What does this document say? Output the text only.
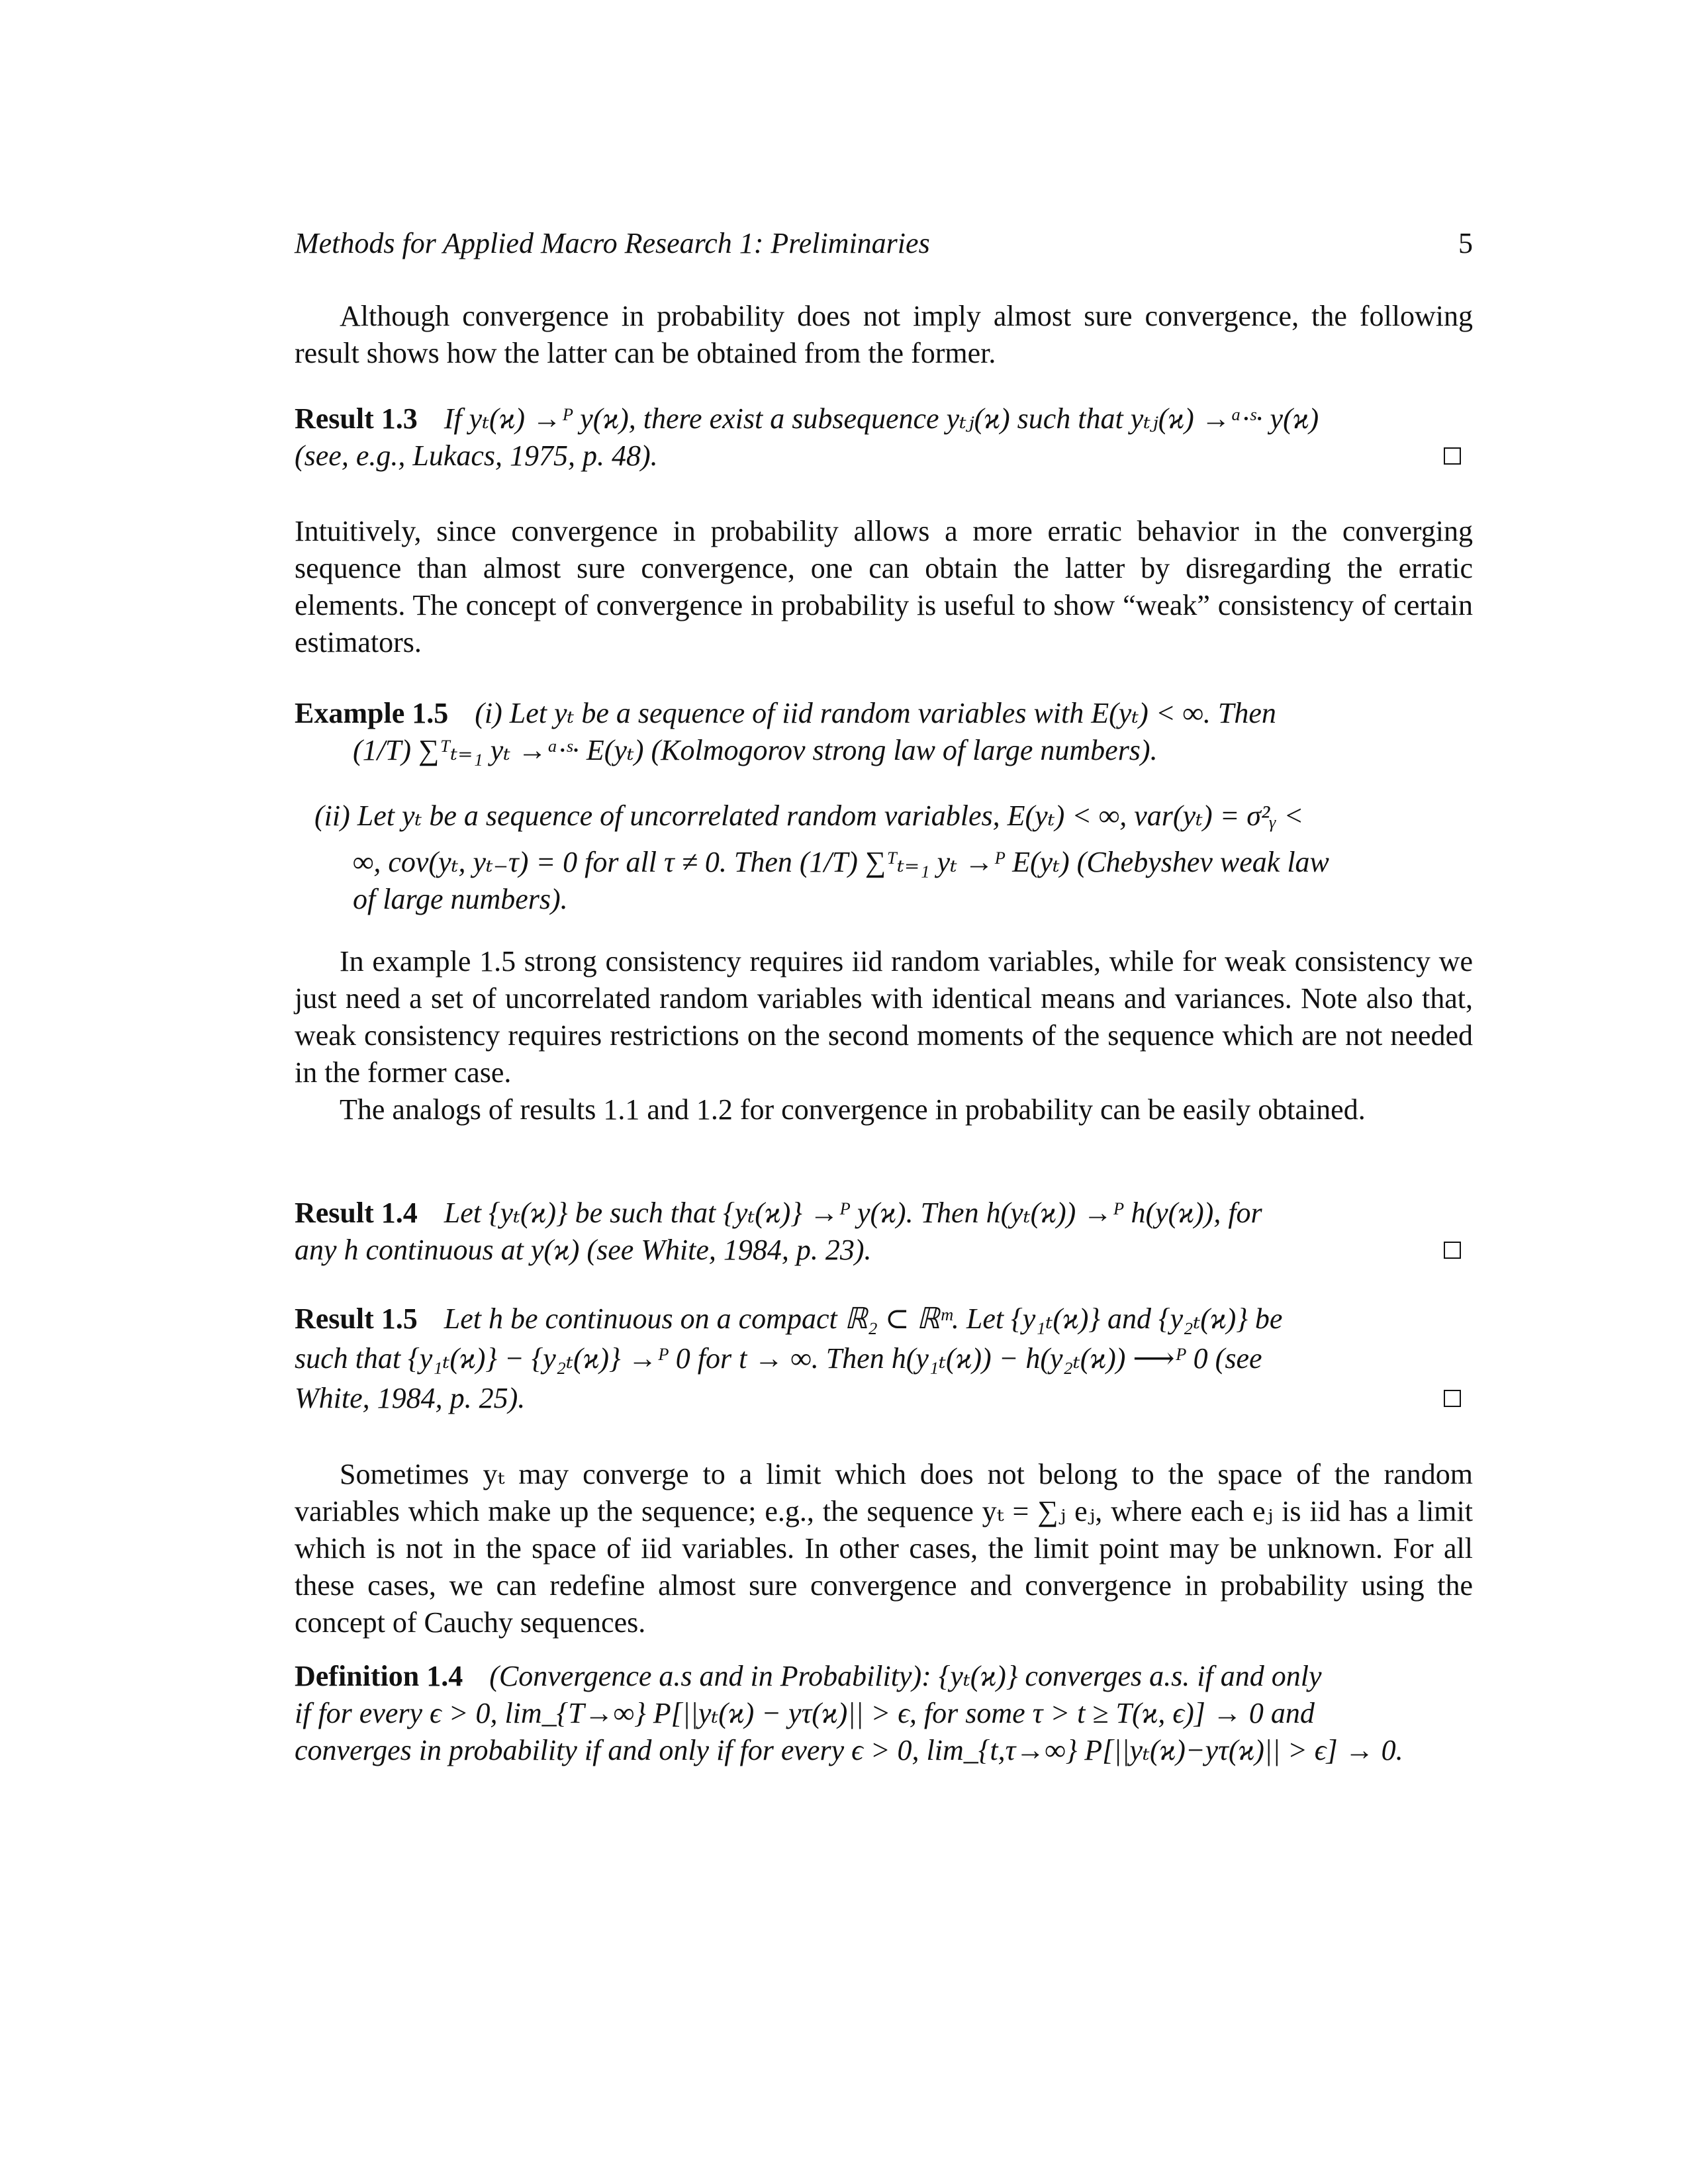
Methods for Applied Macro Research 1: Preliminaries	5
Although convergence in probability does not imply almost sure convergence, the following result shows how the latter can be obtained from the former.
Result 1.3 If yₜ(ϰ) →ᴾ y(ϰ), there exist a subsequence yₜⱼ(ϰ) such that yₜⱼ(ϰ) →ᵃ·ˢ· y(ϰ)
(see, e.g., Lukacs, 1975, p. 48).
Intuitively, since convergence in probability allows a more erratic behavior in the converging sequence than almost sure convergence, one can obtain the latter by disregarding the erratic elements. The concept of convergence in probability is useful to show “weak” consistency of certain estimators.
Example 1.5 (i) Let yₜ be a sequence of iid random variables with E(yₜ) < ∞. Then
(1/T) ∑ᵀₜ₌₁ yₜ →ᵃ·ˢ· E(yₜ) (Kolmogorov strong law of large numbers).
(ii) Let yₜ be a sequence of uncorrelated random variables, E(yₜ) < ∞, var(yₜ) = σ²ᵧ <
∞, cov(yₜ, yₜ₋τ) = 0 for all τ ≠ 0. Then (1/T) ∑ᵀₜ₌₁ yₜ →ᴾ E(yₜ) (Chebyshev weak law
of large numbers).
In example 1.5 strong consistency requires iid random variables, while for weak consistency we just need a set of uncorrelated random variables with identical means and variances. Note also that, weak consistency requires restrictions on the second moments of the sequence which are not needed in the former case.
The analogs of results 1.1 and 1.2 for convergence in probability can be easily obtained.
Result 1.4 Let {yₜ(ϰ)} be such that {yₜ(ϰ)} →ᴾ y(ϰ). Then h(yₜ(ϰ)) →ᴾ h(y(ϰ)), for
any h continuous at y(ϰ) (see White, 1984, p. 23).
Result 1.5 Let h be continuous on a compact ℝ₂ ⊂ ℝᵐ. Let {y₁ₜ(ϰ)} and {y₂ₜ(ϰ)} be
such that {y₁ₜ(ϰ)} − {y₂ₜ(ϰ)} →ᴾ 0 for t → ∞. Then h(y₁ₜ(ϰ)) − h(y₂ₜ(ϰ)) ⟶ᴾ 0 (see
White, 1984, p. 25).
Sometimes yₜ may converge to a limit which does not belong to the space of the random variables which make up the sequence; e.g., the sequence yₜ = ∑ⱼ eⱼ, where each eⱼ is iid has a limit which is not in the space of iid variables. In other cases, the limit point may be unknown. For all these cases, we can redefine almost sure convergence and convergence in probability using the concept of Cauchy sequences.
Definition 1.4 (Convergence a.s and in Probability): {yₜ(ϰ)} converges a.s. if and only
if for every ϵ > 0, lim_{T→∞} P[||yₜ(ϰ) − yτ(ϰ)|| > ϵ, for some τ > t ≥ T(ϰ, ϵ)] → 0 and
converges in probability if and only if for every ϵ > 0, lim_{t,τ→∞} P[||yₜ(ϰ)−yτ(ϰ)|| > ϵ] → 0.
